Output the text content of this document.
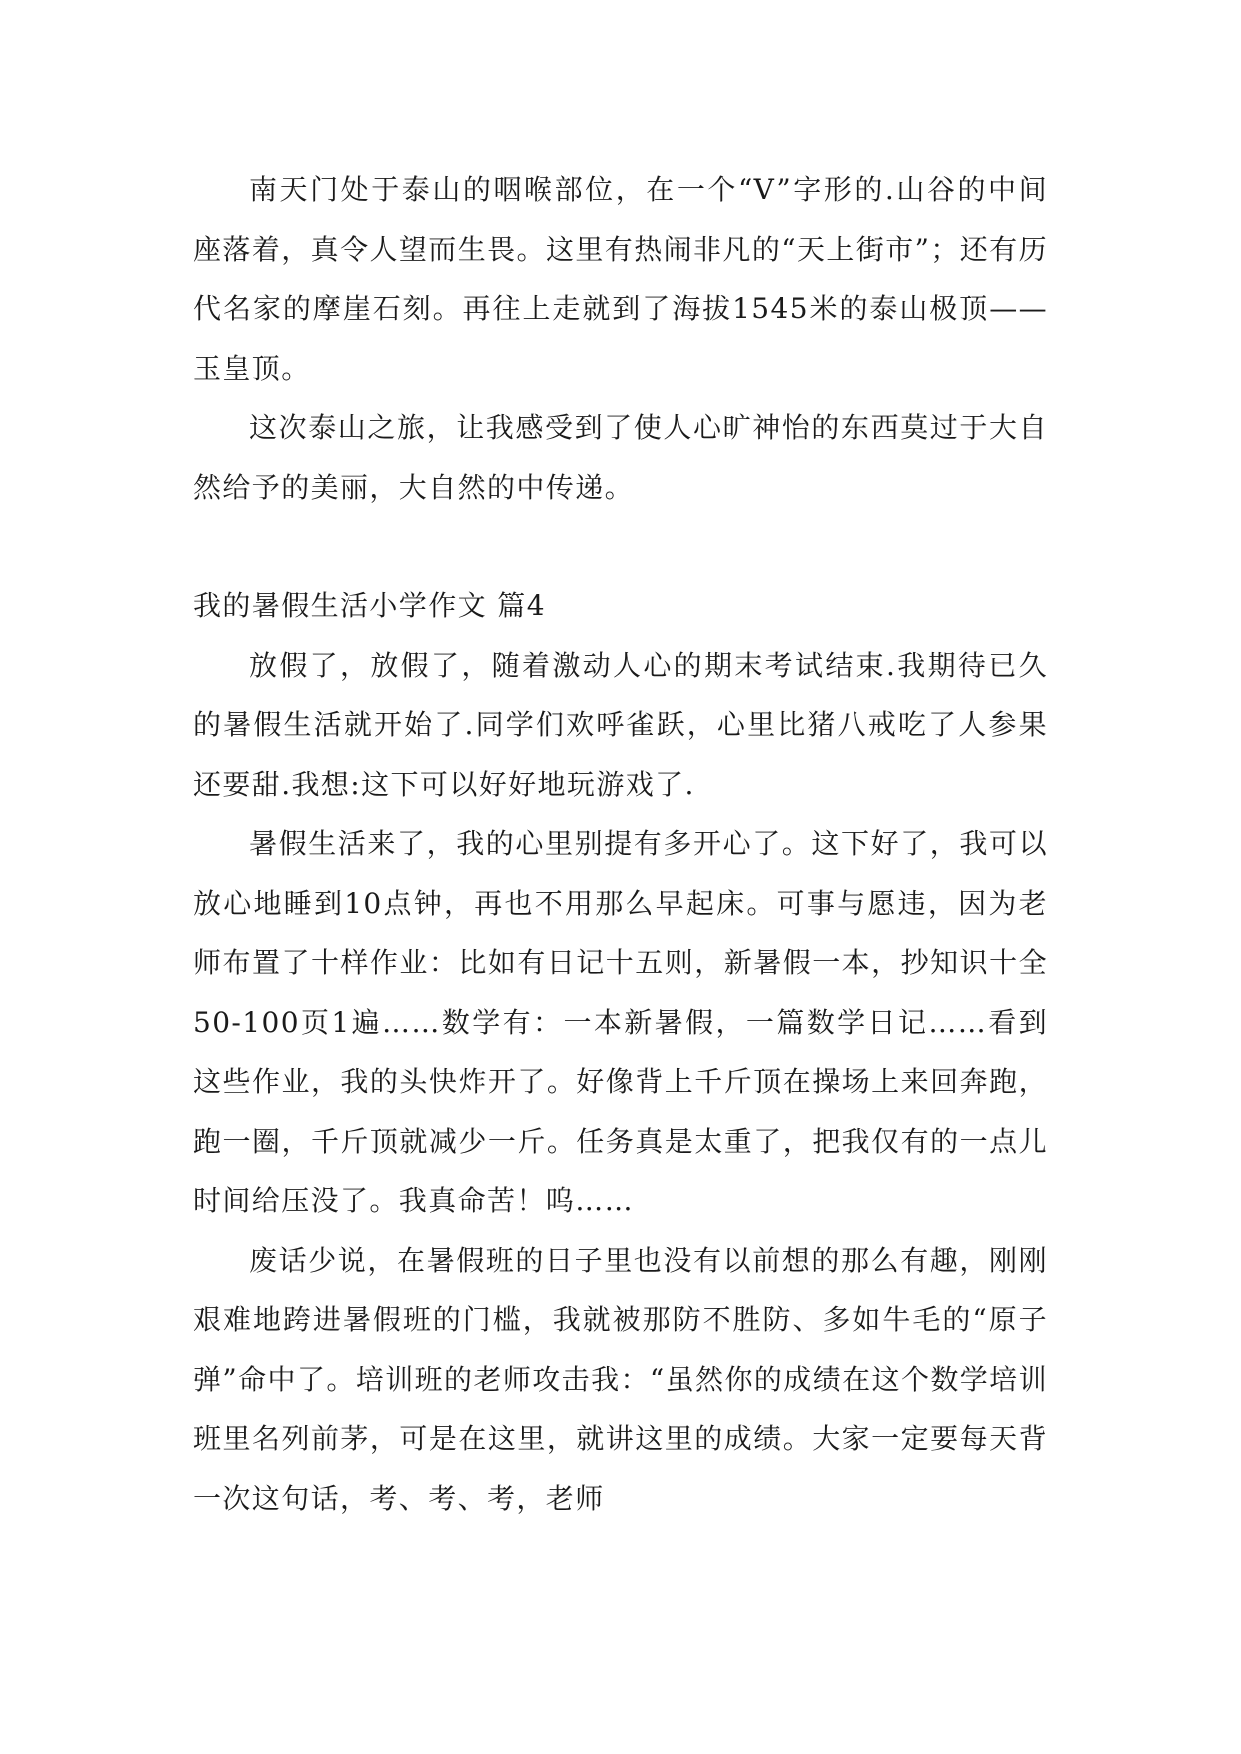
南天门处于泰山的咽喉部位，在一个“V”字形的.山谷的中间座落着，真令人望而生畏。这里有热闹非凡的“天上街市”；还有历代名家的摩崖石刻。再往上走就到了海拔1545米的泰山极顶——玉皇顶。

这次泰山之旅，让我感受到了使人心旷神怡的东西莫过于大自然给予的美丽，大自然的中传递。

我的暑假生活小学作文 篇4

放假了，放假了，随着激动人心的期末考试结束.我期待已久的暑假生活就开始了.同学们欢呼雀跃，心里比猪八戒吃了人参果还要甜.我想:这下可以好好地玩游戏了.

暑假生活来了，我的心里别提有多开心了。这下好了，我可以放心地睡到10点钟，再也不用那么早起床。可事与愿违，因为老师布置了十样作业：比如有日记十五则，新暑假一本，抄知识十全50-100页1遍……数学有：一本新暑假，一篇数学日记……看到这些作业，我的头快炸开了。好像背上千斤顶在操场上来回奔跑，跑一圈，千斤顶就减少一斤。任务真是太重了，把我仅有的一点儿时间给压没了。我真命苦！呜……

废话少说，在暑假班的日子里也没有以前想的那么有趣，刚刚艰难地跨进暑假班的门槛，我就被那防不胜防、多如牛毛的“原子弹”命中了。培训班的老师攻击我：“虽然你的成绩在这个数学培训班里名列前茅，可是在这里，就讲这里的成绩。大家一定要每天背一次这句话，考、考、考，老师
